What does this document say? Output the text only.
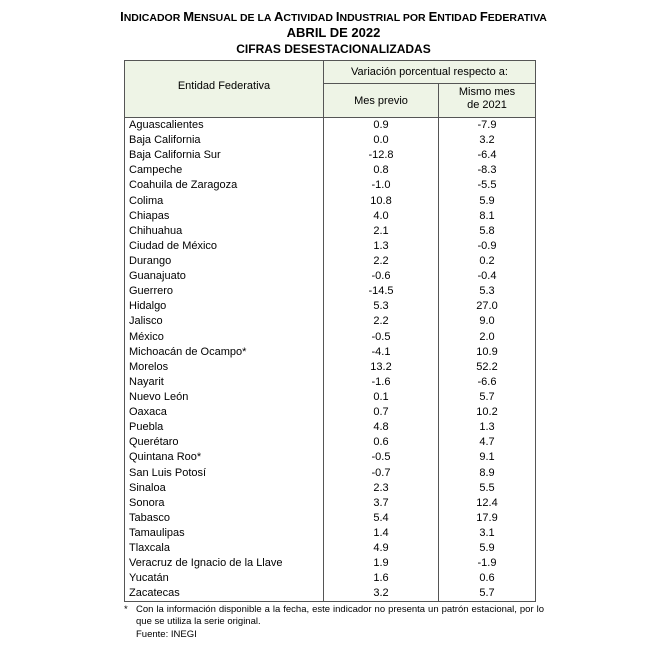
INDICADOR MENSUAL DE LA ACTIVIDAD INDUSTRIAL POR ENTIDAD FEDERATIVA
ABRIL DE 2022
CIFRAS DESESTACIONALIZADAS
Entidad Federativa
Variación porcentual respecto a:
Mes previo
Mismo mes
de 2021
Aguascalientes	0.9	-7.9
Baja California	0.0	3.2
Baja California Sur	-12.8	-6.4
Campeche	0.8	-8.3
Coahuila de Zaragoza	-1.0	-5.5
Colima	10.8	5.9
Chiapas	4.0	8.1
Chihuahua	2.1	5.8
Ciudad de México	1.3	-0.9
Durango	2.2	0.2
Guanajuato	-0.6	-0.4
Guerrero	-14.5	5.3
Hidalgo	5.3	27.0
Jalisco	2.2	9.0
México	-0.5	2.0
Michoacán de Ocampo*	-4.1	10.9
Morelos	13.2	52.2
Nayarit	-1.6	-6.6
Nuevo León	0.1	5.7
Oaxaca	0.7	10.2
Puebla	4.8	1.3
Querétaro	0.6	4.7
Quintana Roo*	-0.5	9.1
San Luis Potosí	-0.7	8.9
Sinaloa	2.3	5.5
Sonora	3.7	12.4
Tabasco	5.4	17.9
Tamaulipas	1.4	3.1
Tlaxcala	4.9	5.9
Veracruz de Ignacio de la Llave	1.9	-1.9
Yucatán	1.6	0.6
Zacatecas	3.2	5.7
* Con la información disponible a la fecha, este indicador no presenta un patrón estacional, por lo que se utiliza la serie original.
Fuente: INEGI
